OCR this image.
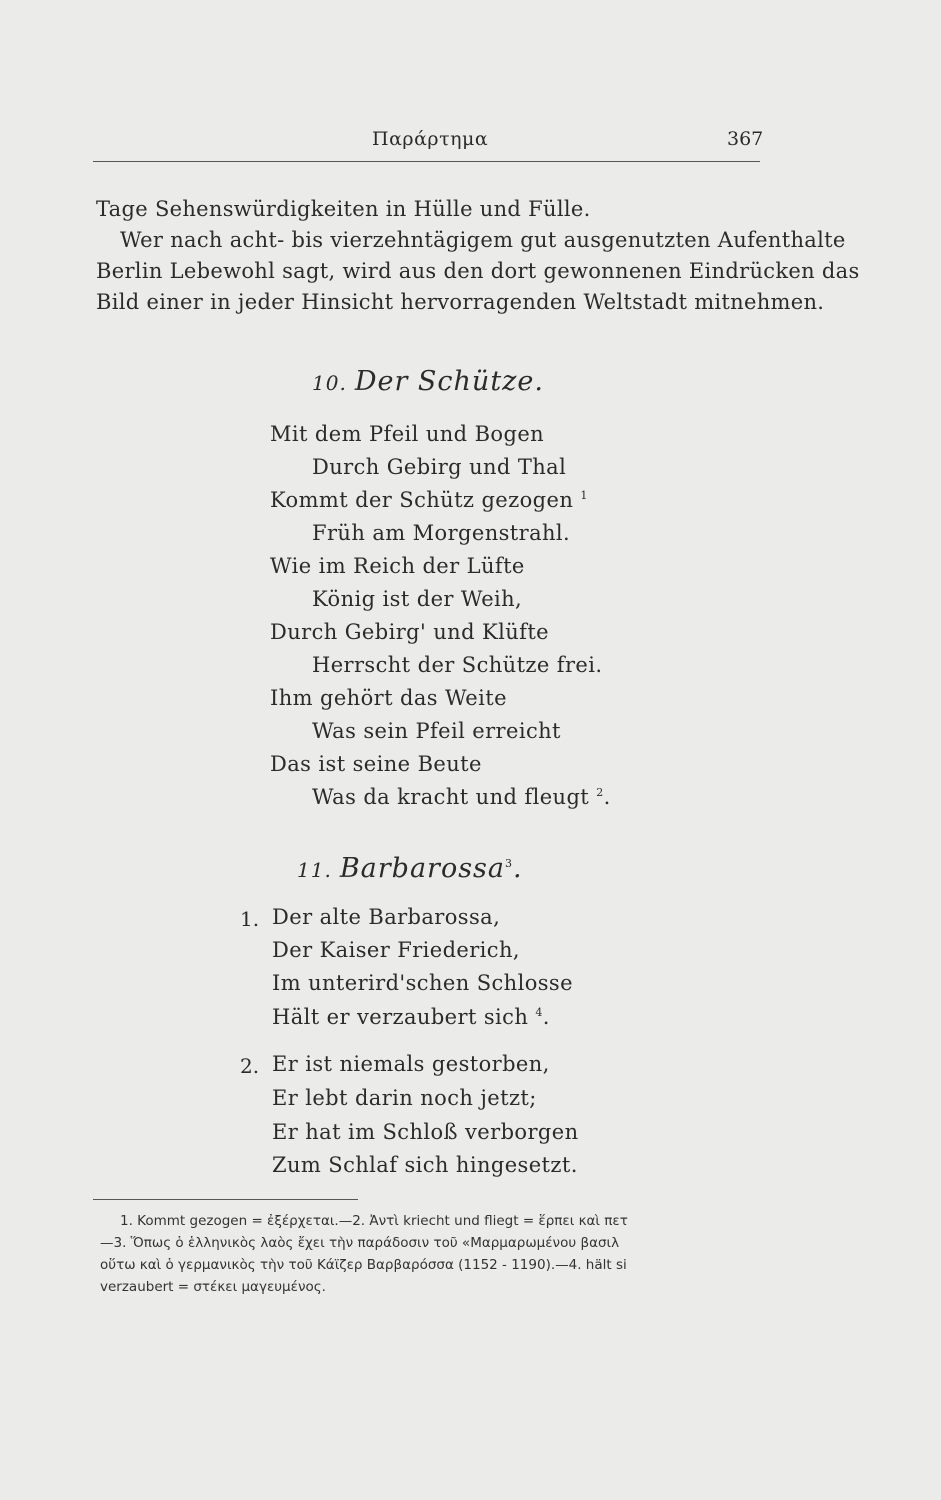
Παράρτημα	367
Tage Sehenswürdigkeiten in Hülle und Fülle.
Wer nach acht- bis vierzehntägigem gut ausgenutzten Aufenthalte
Berlin Lebewohl sagt, wird aus den dort gewonnenen Eindrücken das
Bild einer in jeder Hinsicht hervorragenden Weltstadt mitnehmen.
10. Der Schütze.
Mit dem Pfeil und Bogen
Durch Gebirg und Thal
Kommt der Schütz gezogen $^1$
Früh am Morgenstrahl.
Wie im Reich der Lüfte
König ist der Weih,
Durch Gebirg' und Klüfte
Herrscht der Schütze frei.
Ihm gehört das Weite
Was sein Pfeil erreicht
Das ist seine Beute
Was da kracht und fleugt $^2$.
11. Barbarossa$^3$.
1. Der alte Barbarossa,
Der Kaiser Friederich,
Im unterird'schen Schlosse
Hält er verzaubert sich $^4$.
2. Er ist niemals gestorben,
Er lebt darin noch jetzt;
Er hat im Schloß verborgen
Zum Schlaf sich hingesetzt.
1. Kommt gezogen = ἐξέρχεται.—2. Ἀντὶ kriecht und fliegt = ἕρπει καὶ πετ
—3. Ὅπως ὁ ἑλληνικὸς λαὸς ἔχει τὴν παράδοσιν τοῦ «Μαρμαρωμένου βασιλ
οὕτω καὶ ὁ γερμανικὸς τὴν τοῦ Κάϊζερ Βαρβαρόσσα (1152 - 1190).—4. hält si
verzaubert = στέκει μαγευμένος.
